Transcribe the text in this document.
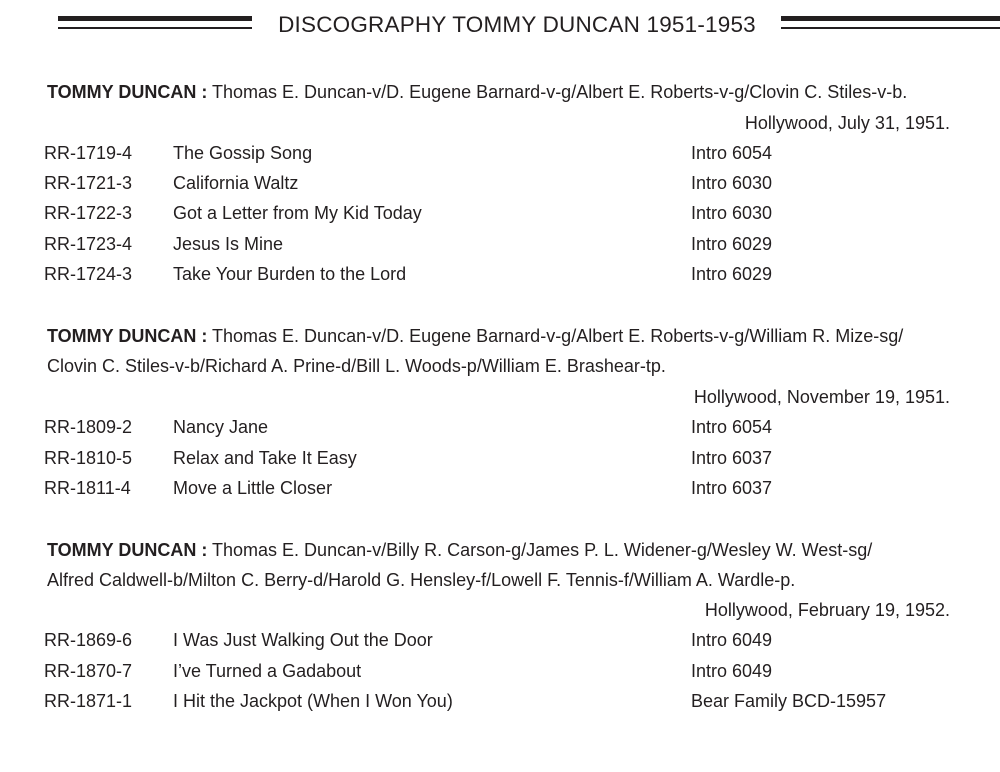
DISCOGRAPHY TOMMY DUNCAN 1951-1953
TOMMY DUNCAN : Thomas E. Duncan-v/D. Eugene Barnard-v-g/Albert E. Roberts-v-g/Clovin C. Stiles-v-b.
Hollywood, July 31, 1951.
RR-1719-4 The Gossip Song	Intro 6054
RR-1721-3 California Waltz	Intro 6030
RR-1722-3 Got a Letter from My Kid Today	Intro 6030
RR-1723-4 Jesus Is Mine	Intro 6029
RR-1724-3 Take Your Burden to the Lord	Intro 6029
TOMMY DUNCAN : Thomas E. Duncan-v/D. Eugene Barnard-v-g/Albert E. Roberts-v-g/William R. Mize-sg/
Clovin C. Stiles-v-b/Richard A. Prine-d/Bill L. Woods-p/William E. Brashear-tp.
Hollywood, November 19, 1951.
RR-1809-2 Nancy Jane	Intro 6054
RR-1810-5 Relax and Take It Easy	Intro 6037
RR-1811-4 Move a Little Closer	Intro 6037
TOMMY DUNCAN : Thomas E. Duncan-v/Billy R. Carson-g/James P. L. Widener-g/Wesley W. West-sg/
Alfred Caldwell-b/Milton C. Berry-d/Harold G. Hensley-f/Lowell F. Tennis-f/William A. Wardle-p.
Hollywood, February 19, 1952.
RR-1869-6 I Was Just Walking Out the Door	Intro 6049
RR-1870-7 I’ve Turned a Gadabout	Intro 6049
RR-1871-1 I Hit the Jackpot (When I Won You)	Bear Family BCD-15957
